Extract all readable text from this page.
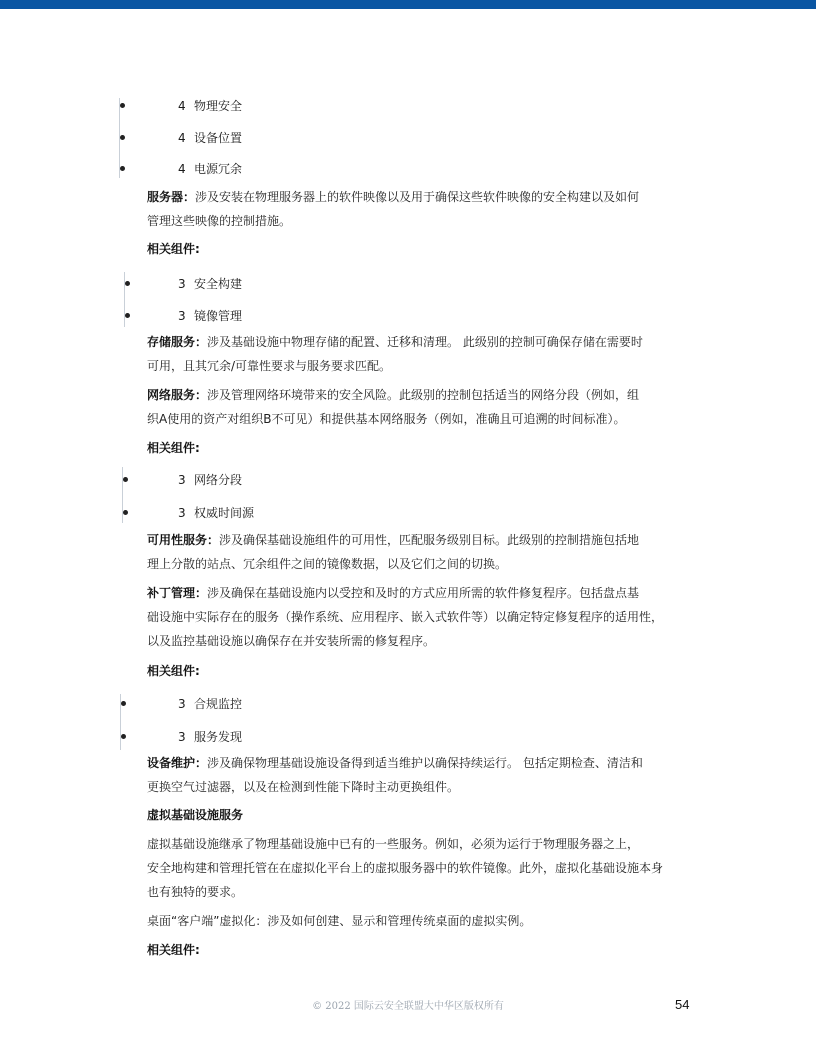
4 物理安全
4 设备位置
4 电源冗余
服务器：涉及安装在物理服务器上的软件映像以及用于确保这些软件映像的安全构建以及如何
管理这些映像的控制措施。
相关组件:
3 安全构建
3 镜像管理
存储服务：涉及基础设施中物理存储的配置、迁移和清理。 此级别的控制可确保存储在需要时
可用，且其冗余/可靠性要求与服务要求匹配。
网络服务：涉及管理网络环境带来的安全风险。此级别的控制包括适当的网络分段（例如，组
织A使用的资产对组织B不可见）和提供基本网络服务（例如，准确且可追溯的时间标准）。
相关组件:
3 网络分段
3 权威时间源
可用性服务：涉及确保基础设施组件的可用性，匹配服务级别目标。此级别的控制措施包括地
理上分散的站点、冗余组件之间的镜像数据，以及它们之间的切换。
补丁管理：涉及确保在基础设施内以受控和及时的方式应用所需的软件修复程序。包括盘点基
础设施中实际存在的服务（操作系统、应用程序、嵌入式软件等）以确定特定修复程序的适用性，
以及监控基础设施以确保存在并安装所需的修复程序。
相关组件:
3 合规监控
3 服务发现
设备维护：涉及确保物理基础设施设备得到适当维护以确保持续运行。 包括定期检查、清洁和
更换空气过滤器，以及在检测到性能下降时主动更换组件。
虚拟基础设施服务
虚拟基础设施继承了物理基础设施中已有的一些服务。例如，必须为运行于物理服务器之上，
安全地构建和管理托管在在虚拟化平台上的虚拟服务器中的软件镜像。此外，虚拟化基础设施本身
也有独特的要求。
桌面“客户端”虚拟化：涉及如何创建、显示和管理传统桌面的虚拟实例。
相关组件:
© 2022 国际云安全联盟大中华区版权所有	54
